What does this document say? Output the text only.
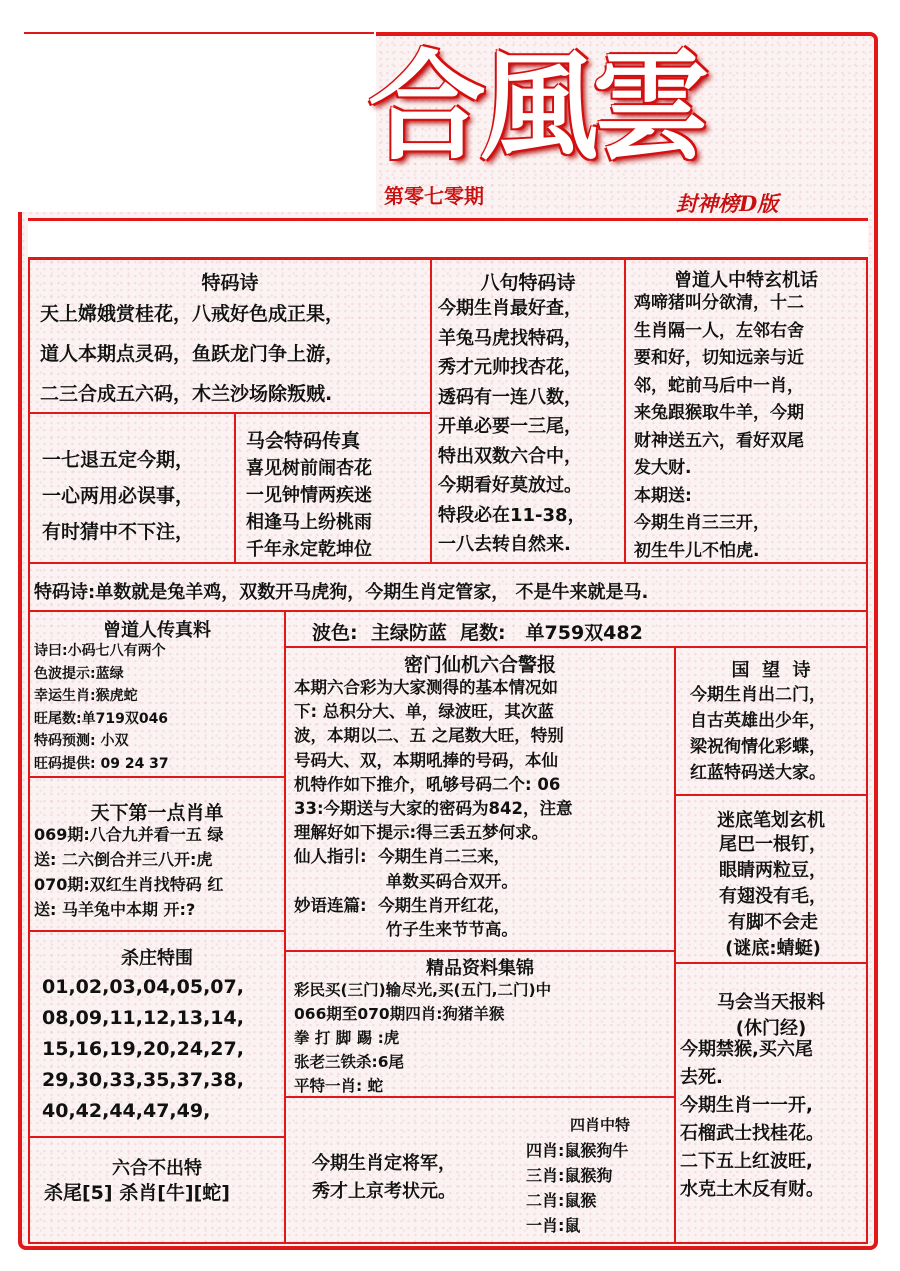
合風雲
第零七零期	封神榜D版
特码诗
天上嫦娥赏桂花，八戒好色成正果，
道人本期点灵码，鱼跃龙门争上游，
二三合成五六码，木兰沙场除叛贼.
一七退五定今期，
一心两用必误事，
有时猜中不下注，
马会特码传真
喜见树前闹杏花
一见钟情两疾迷
相逢马上纷桃雨
千年永定乾坤位
八句特码诗
今期生肖最好查，
羊兔马虎找特码，
秀才元帅找杏花，
透码有一连八数，
开单必要一三尾，
特出双数六合中，
今期看好莫放过。
特段必在11-38，
一八去转自然来.
曾道人中特玄机话
鸡啼猪叫分欲清，十二
生肖隔一人，左邻右舍
要和好，切知远亲与近
邻，蛇前马后中一肖，
来兔跟猴取牛羊，今期
财神送五六，看好双尾
发大财.
本期送:
今期生肖三三开，
初生牛儿不怕虎.
特码诗:单数就是兔羊鸡，双数开马虎狗，今期生肖定管家， 不是牛来就是马.
曾道人传真料
诗曰:小码七八有两个
色波提示:蓝绿
幸运生肖:猴虎蛇
旺尾数:单719双046
特码预测: 小双
旺码提供: 09 24 37
天下第一点肖单
069期:八合九并看一五 绿
送: 二六倒合并三八开:虎
070期:双红生肖找特码 红
送: 马羊兔中本期 开:?
杀庄特围
01,02,03,04,05,07,
08,09,11,12,13,14,
15,16,19,20,24,27,
29,30,33,35,37,38,
40,42,44,47,49,
六合不出特
杀尾[5] 杀肖[牛][蛇]
波色:  主绿防蓝  尾数:   单759双482
密门仙机六合警报
本期六合彩为大家测得的基本情况如
下: 总积分大、单，绿波旺，其次蓝
波，本期以二、五 之尾数大旺，特别
号码大、双，本期吼捧的号码，本仙
机特作如下推介，吼够号码二个: 06
33:今期送与大家的密码为842，注意
理解好如下提示:得三丢五梦何求。
仙人指引:  今期生肖二三来，
单数买码合双开。
妙语连篇:  今期生肖开红花，
竹子生来节节高。
精品资料集锦
彩民买(三门)输尽光,买(五门,二门)中
066期至070期四肖:狗猪羊猴
拳 打 脚 踢 :虎
张老三铁杀:6尾
平特一肖: 蛇
今期生肖定将军，
秀才上京考状元。
四肖中特
四肖:鼠猴狗牛
三肖:鼠猴狗
二肖:鼠猴
一肖:鼠
国  望  诗
今期生肖出二门，
自古英雄出少年，
梁祝徇情化彩蝶，
红蓝特码送大家。
迷底笔划玄机
尾巴一根钉，
眼睛两粒豆，
有翅没有毛，
有脚不会走
(谜底:蜻蜓)
马会当天报料
(休门经)
今期禁猴,买六尾
去死.
今期生肖一一开,
石榴武士找桂花。
二下五上红波旺,
水克土木反有财。
